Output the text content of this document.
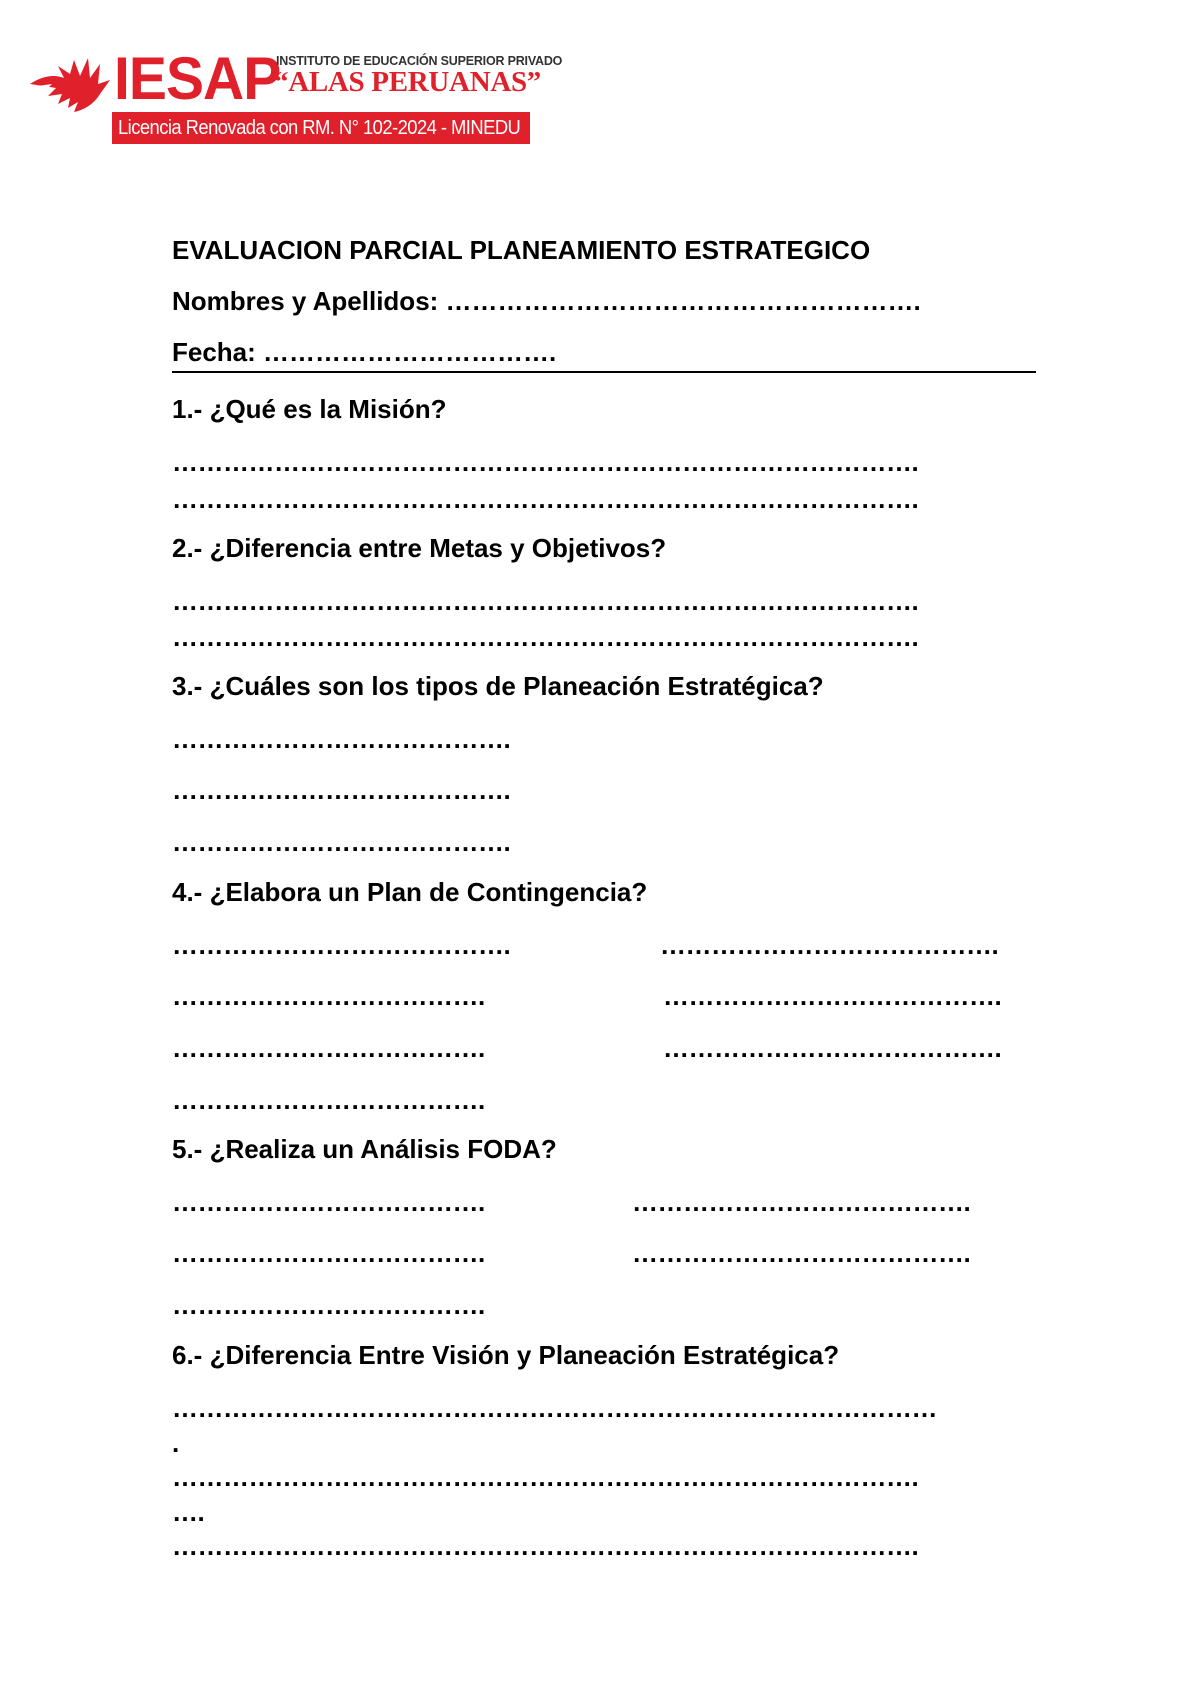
IESAP
INSTITUTO DE EDUCACIÓN SUPERIOR PRIVADO
“ALAS PERUANAS”
Licencia Renovada con RM. N° 102-2024 - MINEDU
EVALUACION PARCIAL PLANEAMIENTO ESTRATEGICO
Nombres y Apellidos: ……………………………………………….
Fecha: …………………………….
1.- ¿Qué es la Misión?
…………………………………………………………………………….
…………………………………………………………………………….
2.- ¿Diferencia entre Metas y Objetivos?
…………………………………………………………………………….
…………………………………………………………………………….
3.- ¿Cuáles son los tipos de Planeación Estratégica?
………………………………….
………………………………….
………………………………….
4.- ¿Elabora un Plan de Contingencia?
………………………………….	………………………………….
……………………………….	………………………………….
……………………………….	………………………………….
……………………………….
5.- ¿Realiza un Análisis FODA?
……………………………….	………………………………….
……………………………….	………………………………….
……………………………….
6.- ¿Diferencia Entre Visión y Planeación Estratégica?
………………………………………………………………………………
.
…………………………………………………………………………….
….
…………………………………………………………………………….
